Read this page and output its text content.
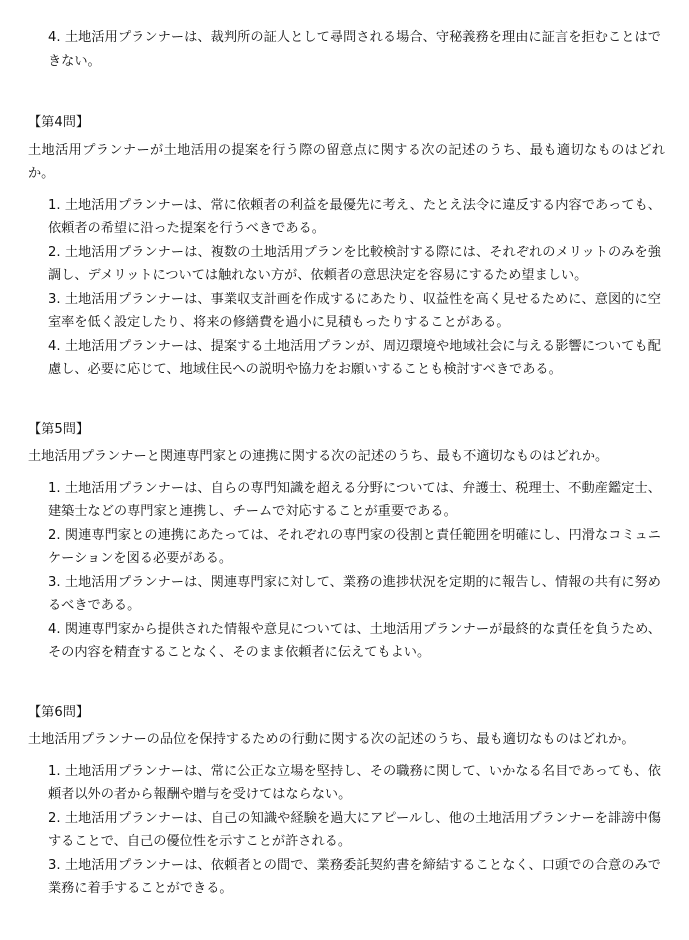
4. 土地活用プランナーは、裁判所の証人として尋問される場合、守秘義務を理由に証言を拒むことはできない。

【第4問】

土地活用プランナーが土地活用の提案を行う際の留意点に関する次の記述のうち、最も適切なものはどれか。

1. 土地活用プランナーは、常に依頼者の利益を最優先に考え、たとえ法令に違反する内容であっても、依頼者の希望に沿った提案を行うべきである。

2. 土地活用プランナーは、複数の土地活用プランを比較検討する際には、それぞれのメリットのみを強調し、デメリットについては触れない方が、依頼者の意思決定を容易にするため望ましい。

3. 土地活用プランナーは、事業収支計画を作成するにあたり、収益性を高く見せるために、意図的に空室率を低く設定したり、将来の修繕費を過小に見積もったりすることがある。

4. 土地活用プランナーは、提案する土地活用プランが、周辺環境や地域社会に与える影響についても配慮し、必要に応じて、地域住民への説明や協力をお願いすることも検討すべきである。

【第5問】

土地活用プランナーと関連専門家との連携に関する次の記述のうち、最も不適切なものはどれか。

1. 土地活用プランナーは、自らの専門知識を超える分野については、弁護士、税理士、不動産鑑定士、建築士などの専門家と連携し、チームで対応することが重要である。

2. 関連専門家との連携にあたっては、それぞれの専門家の役割と責任範囲を明確にし、円滑なコミュニケーションを図る必要がある。

3. 土地活用プランナーは、関連専門家に対して、業務の進捗状況を定期的に報告し、情報の共有に努めるべきである。

4. 関連専門家から提供された情報や意見については、土地活用プランナーが最終的な責任を負うため、その内容を精査することなく、そのまま依頼者に伝えてもよい。

【第6問】

土地活用プランナーの品位を保持するための行動に関する次の記述のうち、最も適切なものはどれか。

1. 土地活用プランナーは、常に公正な立場を堅持し、その職務に関して、いかなる名目であっても、依頼者以外の者から報酬や贈与を受けてはならない。

2. 土地活用プランナーは、自己の知識や経験を過大にアピールし、他の土地活用プランナーを誹謗中傷することで、自己の優位性を示すことが許される。

3. 土地活用プランナーは、依頼者との間で、業務委託契約書を締結することなく、口頭での合意のみで業務に着手することができる。
